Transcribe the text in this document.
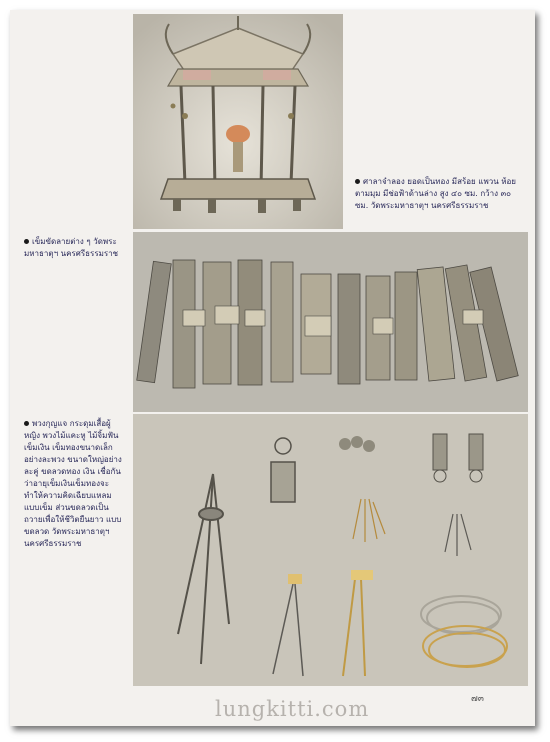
ศาลาจำลอง ยอดเป็นทอง มีสร้อย แพวน ห้อยตามมุม มีช่อฟ้าด้านล่าง สูง ๔๐ ซม. กว้าง ๓๐ ซม. วัดพระมหาธาตุฯ นครศรีธรรมราช
เข็มขัดลายต่าง ๆ วัดพระมหาธาตุฯ นครศรีธรรมราช
พวงกุญแจ กระดุมเสื้อผู้หญิง พวงไม้แคะหู ไม้จิ้มฟัน เข็มเงิน เข็มทองขนาดเล็กอย่างละพวง ขนาดใหญ่อย่างละคู่ ขดลวดทอง เงิน เชื่อกันว่าอายุเข็มเงินเข็มทองจะทำให้ความคิดเฉียบแหลมแบบเข็ม ส่วนขดลวดเป็นถวายเพื่อให้ชีวิตยืนยาว แบบขดลวด วัดพระมหาธาตุฯ นครศรีธรรมราช
๗๓
lungkitti.com
